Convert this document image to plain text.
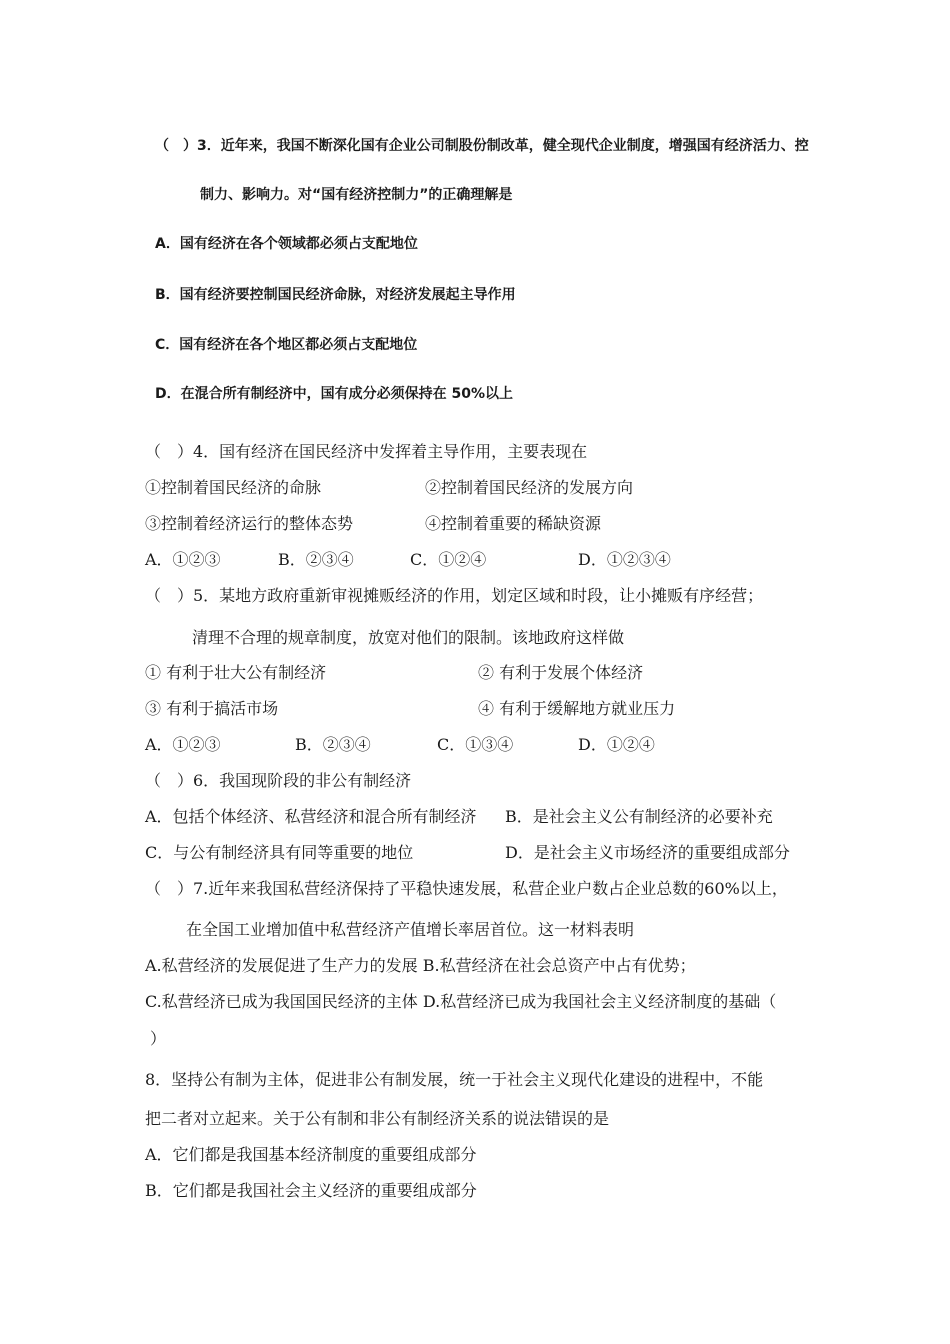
（　）3．近年来，我国不断深化国有企业公司制股份制改革，健全现代企业制度，增强国有经济活力、控
制力、影响力。对“国有经济控制力”的正确理解是
A．国有经济在各个领域都必须占支配地位
B．国有经济要控制国民经济命脉，对经济发展起主导作用
C．国有经济在各个地区都必须占支配地位
D．在混合所有制经济中，国有成分必须保持在 50%以上
（　）4．国有经济在国民经济中发挥着主导作用，主要表现在
①控制着国民经济的命脉	②控制着国民经济的发展方向
③控制着经济运行的整体态势	④控制着重要的稀缺资源
A．①②③	B．②③④	C．①②④	D．①②③④
（　）5．某地方政府重新审视摊贩经济的作用，划定区域和时段，让小摊贩有序经营；
清理不合理的规章制度，放宽对他们的限制。该地政府这样做
① 有利于壮大公有制经济	② 有利于发展个体经济
③ 有利于搞活市场	④ 有利于缓解地方就业压力
A．①②③	B．②③④	C．①③④	D．①②④
（　）6．我国现阶段的非公有制经济
A．包括个体经济、私营经济和混合所有制经济 B．是社会主义公有制经济的必要补充
C．与公有制经济具有同等重要的地位	D．是社会主义市场经济的重要组成部分
（　）7.近年来我国私营经济保持了平稳快速发展，私营企业户数占企业总数的60%以上，
在全国工业增加值中私营经济产值增长率居首位。这一材料表明
A.私营经济的发展促进了生产力的发展 B.私营经济在社会总资产中占有优势；
C.私营经济已成为我国国民经济的主体 D.私营经济已成为我国社会主义经济制度的基础（
）
8．坚持公有制为主体，促进非公有制发展，统一于社会主义现代化建设的进程中，不能
把二者对立起来。关于公有制和非公有制经济关系的说法错误的是
A．它们都是我国基本经济制度的重要组成部分
B．它们都是我国社会主义经济的重要组成部分
